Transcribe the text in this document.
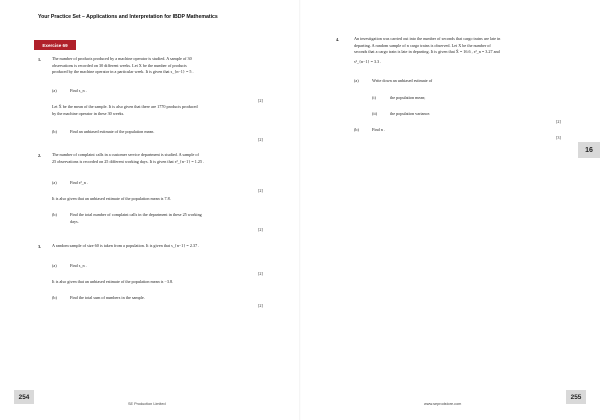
Your Practice Set – Applications and Interpretation for IBDP Mathematics
Exercise 69
1.	The number of products produced by a machine operator is studied. A sample of 30
observations is recorded on 30 different weeks. Let X be the number of products
produced by the machine operator in a particular week. It is given that s_{n−1} = 5 .
(a)	Find s_n .
[2]
Let X̄ be the mean of the sample. It is also given that there are 1770 products produced
by the machine operator in these 30 weeks.
(b)	Find an unbiased estimate of the population mean.
[2]
2.	The number of complaint calls in a customer service department is studied. A sample of
25 observations is recorded on 25 different working days. It is given that s²_{n−1} = 1.25 .
(a)	Find s²_n .
[2]
It is also given that an unbiased estimate of the population mean is 7.8.
(b)	Find the total number of complaint calls in the department in these 25 working
days.
[2]
3.	A random sample of size 60 is taken from a population. It is given that s_{n−1} = 2.37 .
(a)	Find s_n .
[2]
It is also given that an unbiased estimate of the population mean is −3.8.
(b)	Find the total sum of numbers in the sample.
[2]
4.	An investigation was carried out into the number of seconds that cargo trains are late in
departing. A random sample of n cargo trains is observed. Let X be the number of
seconds that a cargo train is late in departing. It is given that X̄ = 16.6 , s²_n = 3.27 and
s²_{n−1} = 3.3 .
(a)	Write down an unbiased estimate of
(i)	the population mean;
(ii)	the population variance.
[2]
(b)	Find n .
[3]
16
254	255
SE Production Limited	www.seprodstore.com
